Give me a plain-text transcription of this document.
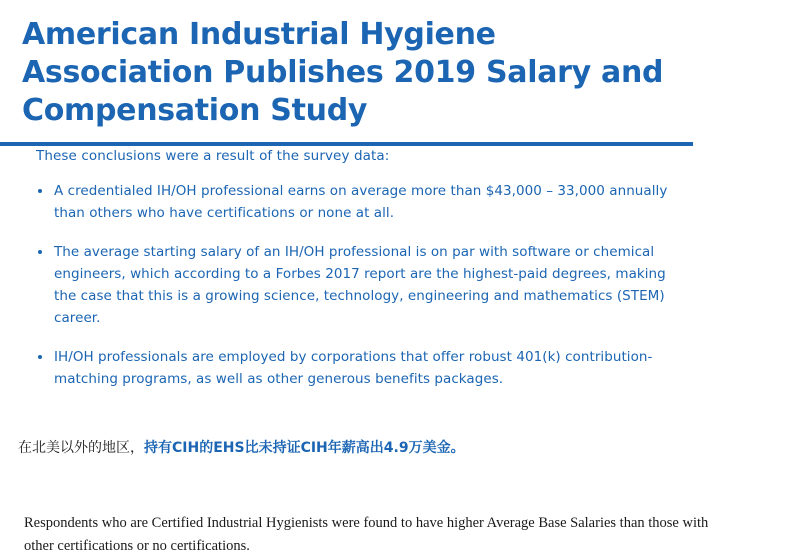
American Industrial Hygiene Association Publishes 2019 Salary and Compensation Study

These conclusions were a result of the survey data:

A credentialed IH/OH professional earns on average more than $43,000 – 33,000 annually than others who have certifications or none at all.
The average starting salary of an IH/OH professional is on par with software or chemical engineers, which according to a Forbes 2017 report are the highest-paid degrees, making the case that this is a growing science, technology, engineering and mathematics (STEM) career.
IH/OH professionals are employed by corporations that offer robust 401(k) contribution-matching programs, as well as other generous benefits packages.
在北美以外的地区，持有CIH的EHS比未持证CIH年薪高出4.9万美金。
Respondents who are Certified Industrial Hygienists were found to have higher Average Base Salaries than those with other certifications or no certifications.
